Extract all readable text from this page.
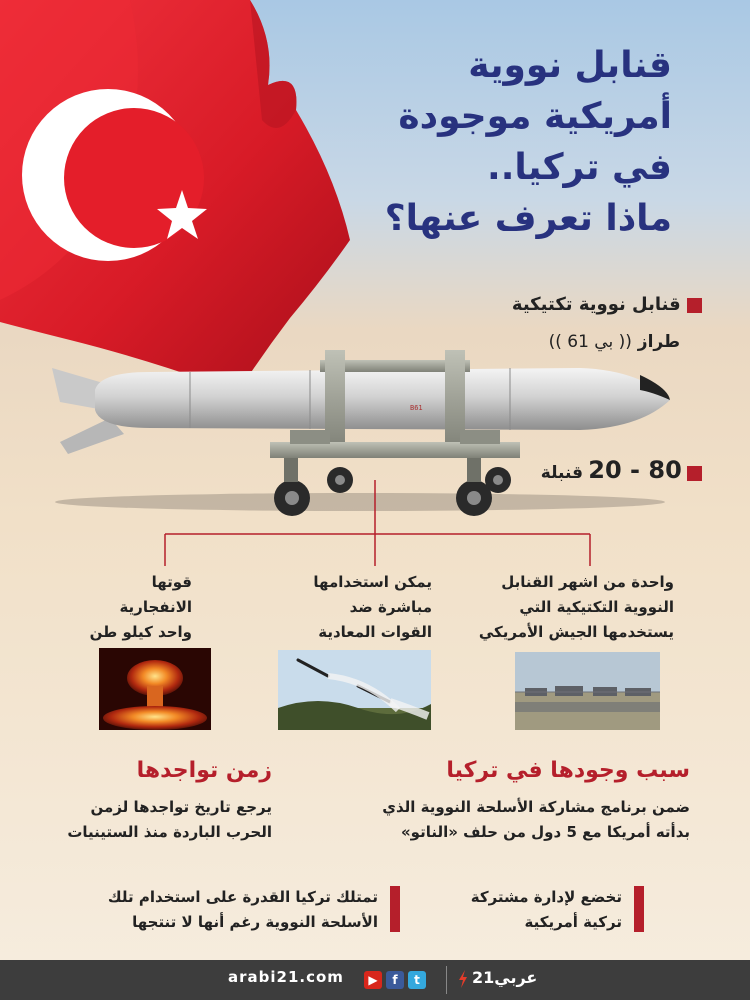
قنابل نووية
أمريكية موجودة
في تركيا..
ماذا تعرف عنها؟
B61
قنابل نووية تكتيكية
طراز (( بي 61 ))
20 - 80 قنبلة
واحدة من اشهر القنابل
النووية التكتيكية التي
يستخدمها الجيش الأمريكي
يمكن استخدامها
مباشرة ضد
القوات المعادية
قوتها
الانفجارية
واحد كيلو طن
سبب وجودها في تركيا
ضمن برنامج مشاركة الأسلحة النووية الذي
بدأته أمريكا مع 5 دول من حلف «الناتو»
زمن تواجدها
يرجع تاريخ تواجدها لزمن
الحرب الباردة منذ الستينيات
تخضع لإدارة مشتركة
تركية أمريكية
تمتلك تركيا القدرة على استخدام تلك
الأسلحة النووية رغم أنها لا تنتجها
arabi21.com	▶	f	t	عربي21
